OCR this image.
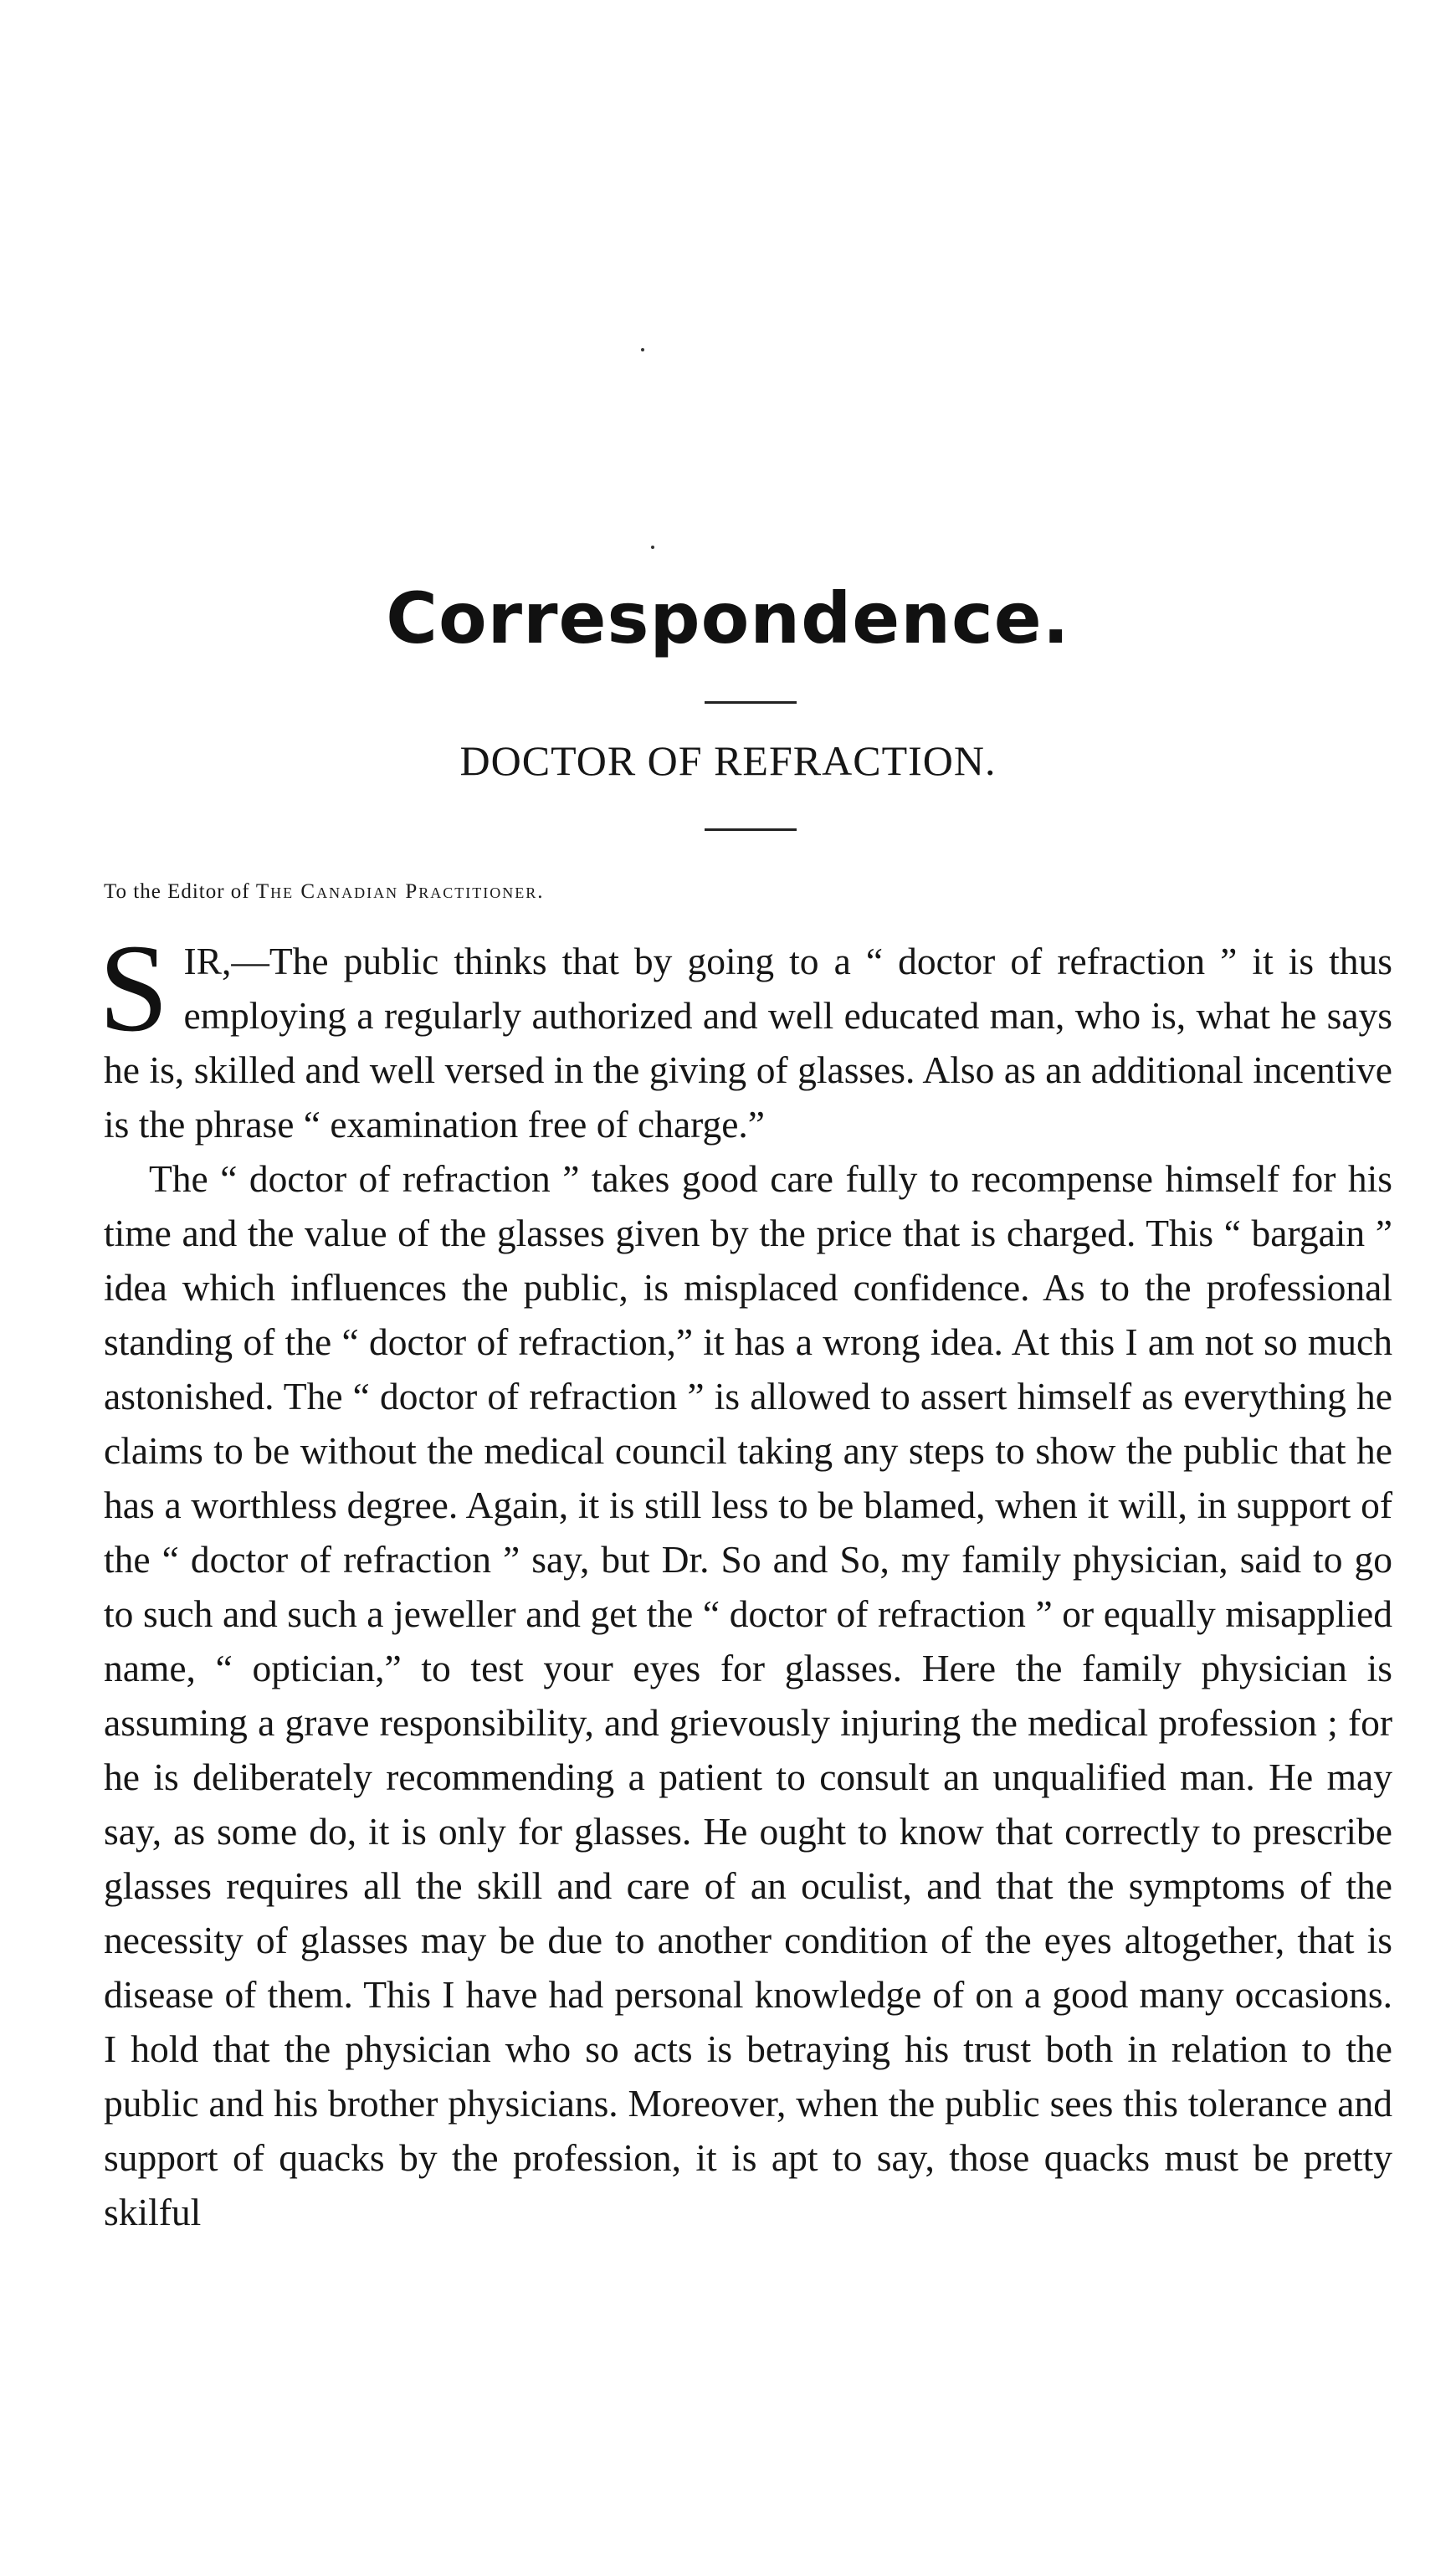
Correspondence.
DOCTOR OF REFRACTION.
To the Editor of The Canadian Practitioner.

SIR,—The public thinks that by going to a “ doctor of refraction ” it is thus employing a regularly authorized and well educated man, who is, what he says he is, skilled and well versed in the giving of glasses. Also as an additional incentive is the phrase “ examination free of charge.”

The “ doctor of refraction ” takes good care fully to recompense himself for his time and the value of the glasses given by the price that is charged. This “ bargain ” idea which influences the public, is misplaced confidence. As to the professional standing of the “ doctor of refraction,” it has a wrong idea. At this I am not so much astonished. The “ doctor of refraction ” is allowed to assert himself as everything he claims to be without the medical council taking any steps to show the public that he has a worthless degree. Again, it is still less to be blamed, when it will, in support of the “ doctor of refraction ” say, but Dr. So and So, my family physician, said to go to such and such a jeweller and get the “ doctor of refraction ” or equally misapplied name, “ optician,” to test your eyes for glasses. Here the family physician is assuming a grave responsibility, and grievously injuring the medical profession ; for he is deliberately recommending a patient to consult an unqualified man. He may say, as some do, it is only for glasses. He ought to know that correctly to prescribe glasses requires all the skill and care of an oculist, and that the symptoms of the necessity of glasses may be due to another condition of the eyes altogether, that is disease of them. This I have had personal knowledge of on a good many occasions. I hold that the physician who so acts is betraying his trust both in relation to the public and his brother physicians. Moreover, when the public sees this tolerance and support of quacks by the profession, it is apt to say, those quacks must be pretty skilful
